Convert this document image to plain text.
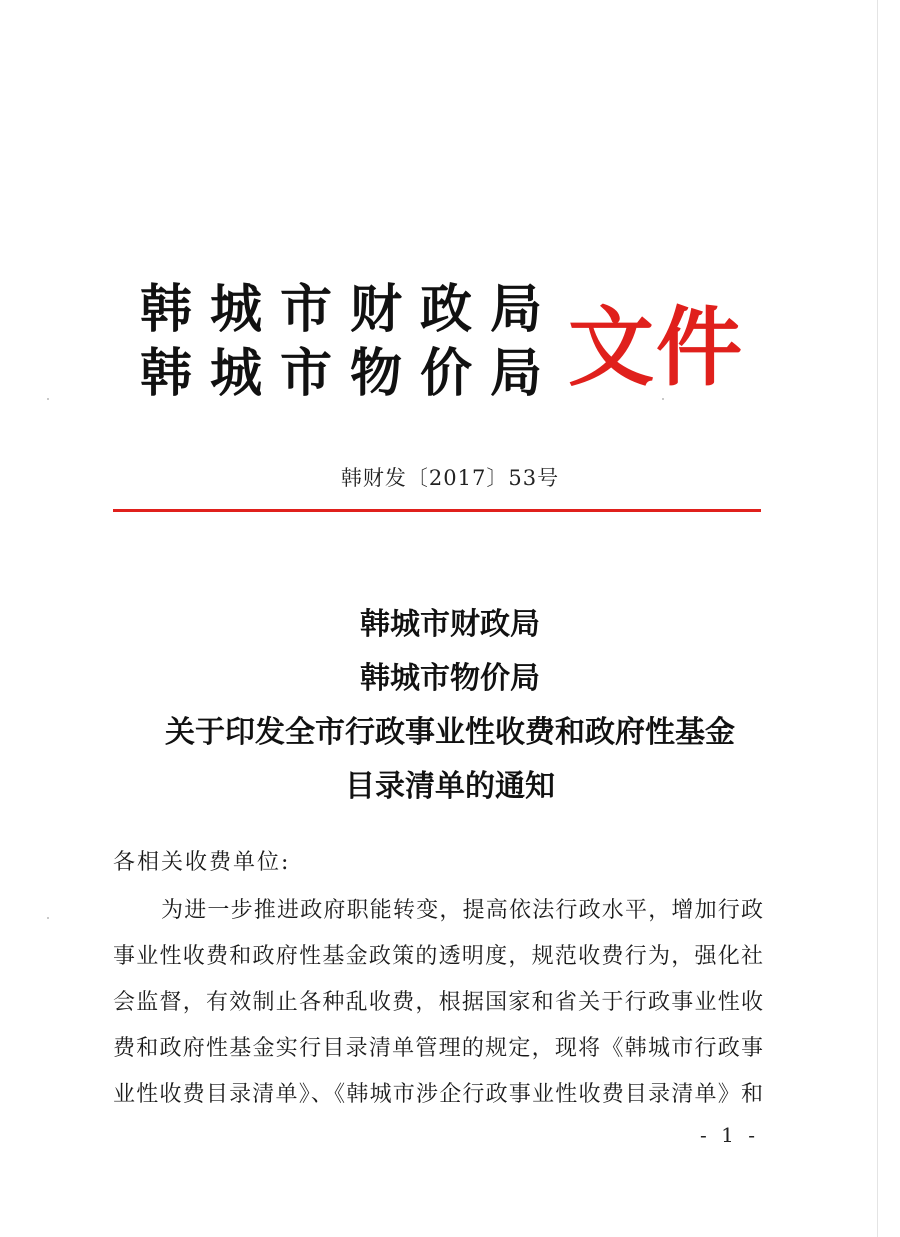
韩城市财政局
韩城市物价局 文件
韩财发〔2017〕53号
韩城市财政局
韩城市物价局
关于印发全市行政事业性收费和政府性基金
目录清单的通知
各相关收费单位:
为进一步推进政府职能转变，提高依法行政水平，增加行政
事业性收费和政府性基金政策的透明度，规范收费行为，强化社
会监督，有效制止各种乱收费，根据国家和省关于行政事业性收
费和政府性基金实行目录清单管理的规定，现将《韩城市行政事
业性收费目录清单》、《韩城市涉企行政事业性收费目录清单》和
- 1 -
